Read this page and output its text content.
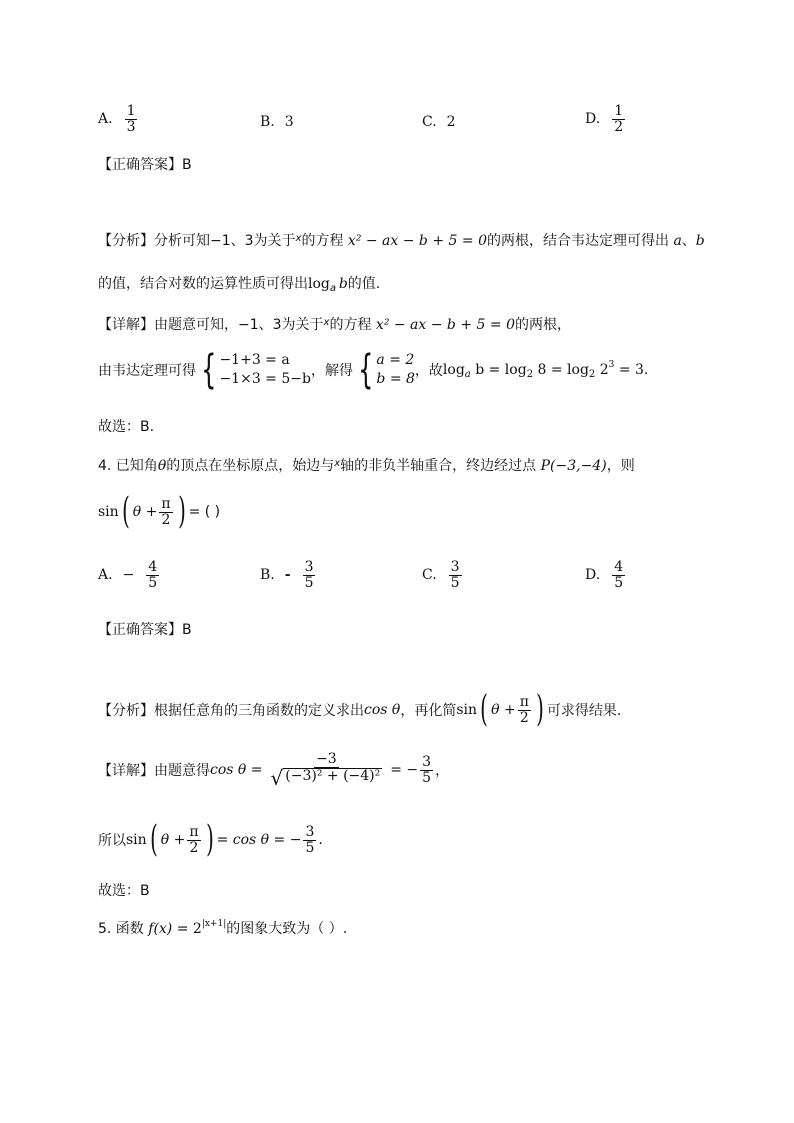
A. $\frac{1}{3}$	B. 3	C. 2	D. $\frac{1}{2}$
【正确答案】B
【分析】分析可知−1、3为关于$^x$的方程 x² − ax − b + 5 = 0的两根，结合韦达定理可得出 a、b
的值，结合对数的运算性质可得出$\log_a b$的值.
【详解】由题意可知，−1、3为关于$^x$的方程 x² − ax − b + 5 = 0的两根，
由韦达定理可得 { −1+3 = a
−1×3 = 5−b ，解得 { a = 2
b = 8 ，故 $\log_a b = \log_2 8 = \log_2 2^3 = 3$.
故选：B.
4. 已知角θ的顶点在坐标原点，始边与$^x$轴的非负半轴重合，终边经过点 P(−3,−4)，则
sin ( $\theta + \frac{\pi}{2}$ ) = ( )
A. − $\frac{4}{5}$	B. - $\frac{3}{5}$	C. $\frac{3}{5}$	D. $\frac{4}{5}$
【正确答案】B
【分析】 根据任意角的三角函数的定义求出 cos θ ，再化简 sin ( $\theta + \frac{\pi}{2}$ ) 可求得结果.
【详解】 由题意得 $\cos \theta = \frac{-3}{\text{√ (−3)² + (−4)²}}$ = − $\frac{3}{5}$ ，
所以 sin ( $\theta + \frac{\pi}{2}$ ) = cos θ = − $\frac{3}{5}$ .
故选：B
5. 函数 $f(x) = 2^{|x+1|}$的图象大致为（ ）.
